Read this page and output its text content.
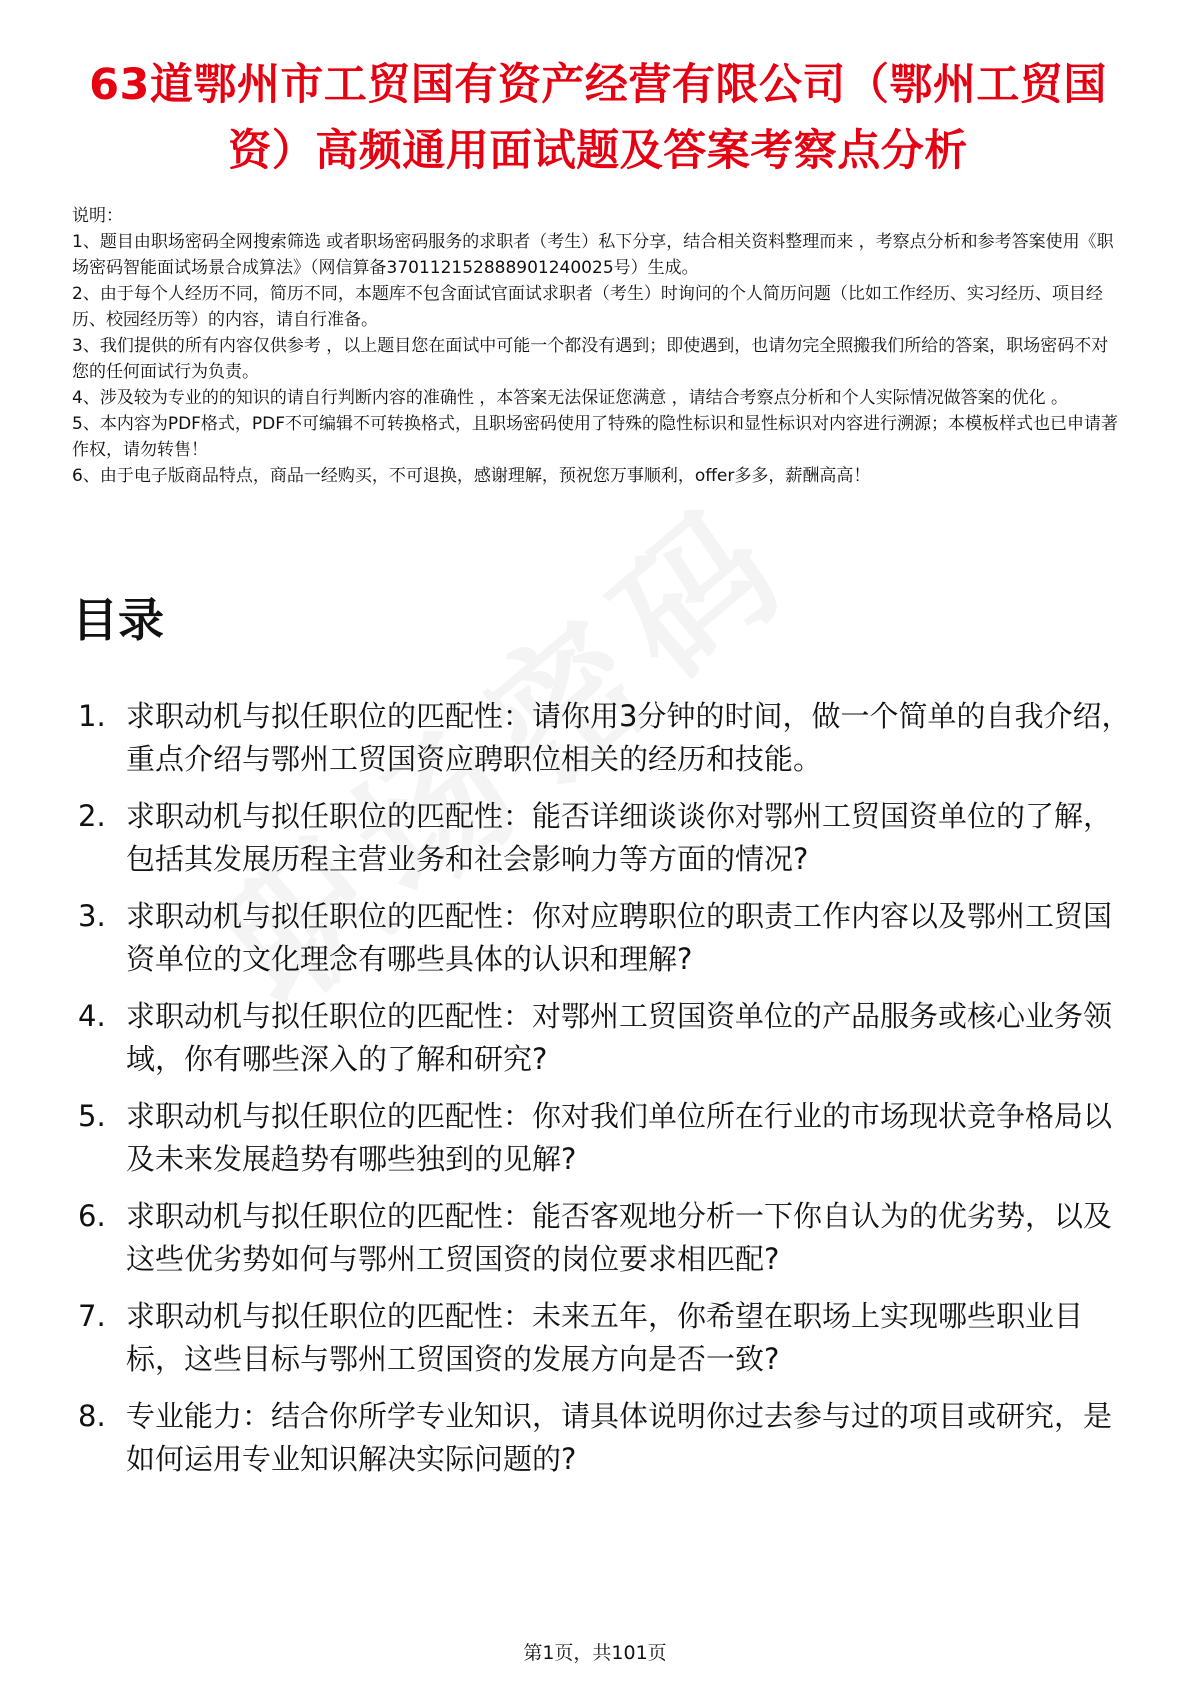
63道鄂州市工贸国有资产经营有限公司（鄂州工贸国资）高频通用面试题及答案考察点分析

说明：

1、题目由职场密码全网搜索筛选 或者职场密码服务的求职者（考生）私下分享，结合相关资料整理而来 ，考察点分析和参考答案使用《职场密码智能面试场景合成算法》（网信算备370112152888901240025号）生成。

2、由于每个人经历不同，简历不同，本题库不包含面试官面试求职者（考生）时询问的个人简历问题（比如工作经历、实习经历、项目经历、校园经历等）的内容，请自行准备。

3、我们提供的所有内容仅供参考 ，以上题目您在面试中可能一个都没有遇到；即使遇到，也请勿完全照搬我们所给的答案，职场密码不对您的任何面试行为负责。

4、涉及较为专业的的知识的请自行判断内容的准确性 ，本答案无法保证您满意 ，请结合考察点分析和个人实际情况做答案的优化 。

5、本内容为PDF格式，PDF不可编辑不可转换格式，且职场密码使用了特殊的隐性标识和显性标识对内容进行溯源；本模板样式也已申请著作权，请勿转售！

6、由于电子版商品特点，商品一经购买，不可退换，感谢理解，预祝您万事顺利，offer多多，薪酬高高！

目录
1. 求职动机与拟任职位的匹配性：请你用3分钟的时间，做一个简单的自我介绍，重点介绍与鄂州工贸国资应聘职位相关的经历和技能。
2. 求职动机与拟任职位的匹配性：能否详细谈谈你对鄂州工贸国资单位的了解，包括其发展历程主营业务和社会影响力等方面的情况?
3. 求职动机与拟任职位的匹配性：你对应聘职位的职责工作内容以及鄂州工贸国资单位的文化理念有哪些具体的认识和理解?
4. 求职动机与拟任职位的匹配性：对鄂州工贸国资单位的产品服务或核心业务领域，你有哪些深入的了解和研究?
5. 求职动机与拟任职位的匹配性：你对我们单位所在行业的市场现状竞争格局以及未来发展趋势有哪些独到的见解?
6. 求职动机与拟任职位的匹配性：能否客观地分析一下你自认为的优劣势，以及这些优劣势如何与鄂州工贸国资的岗位要求相匹配?
7. 求职动机与拟任职位的匹配性：未来五年，你希望在职场上实现哪些职业目标，这些目标与鄂州工贸国资的发展方向是否一致?
8. 专业能力：结合你所学专业知识，请具体说明你过去参与过的项目或研究，是如何运用专业知识解决实际问题的?
第1页，共101页
